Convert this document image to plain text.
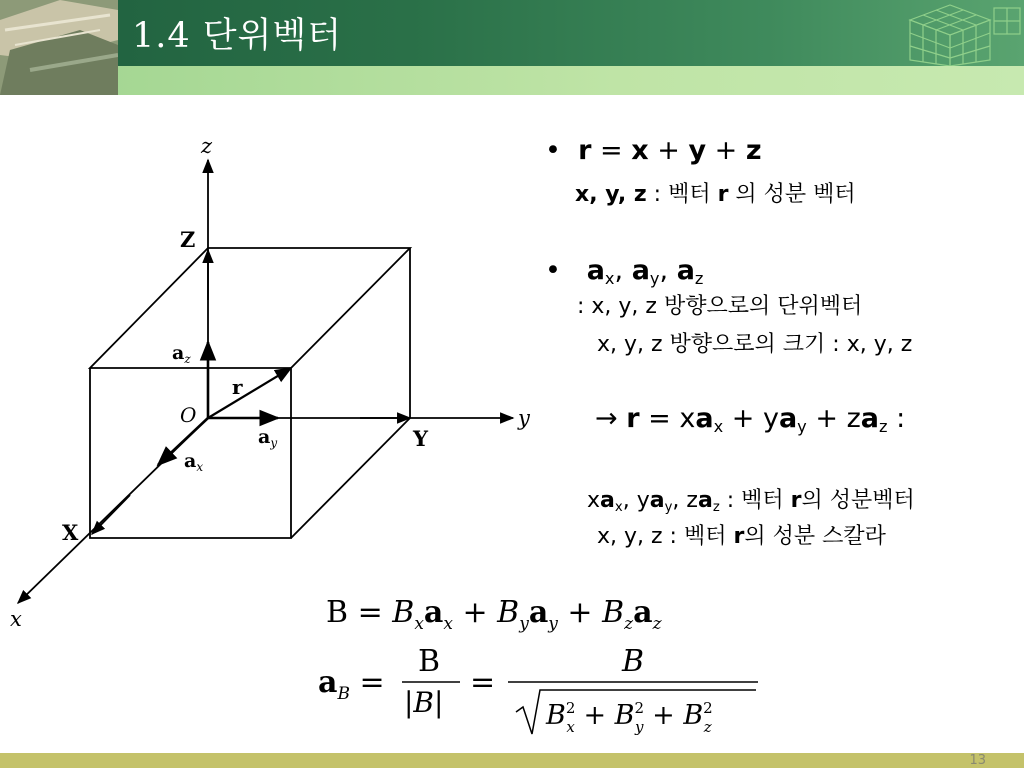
1.4 단위벡터
z
y
x
Z
Y
X
O
r
$a_z$
$a_y$
$a_x$
•  r = x + y + z
x, y, z : 벡터 r 의 성분 벡터
•   $a_x$, $a_y$, $a_z$
: x, y, z 방향으로의 단위벡터
x, y, z 방향으로의 크기 : x, y, z
→ $r = xa_x + ya_y + za_z$ :
$xa_x$, $ya_y$, $za_z$ : 벡터 r의 성분벡터
x, y, z : 벡터 r의 성분 스칼라
$B = B_xa_x + B_ya_y + B_za_z$
$a_B$ =
B
|B|
=
B
$B^2$ $x + B^2$ $y + B^2$ z
13
